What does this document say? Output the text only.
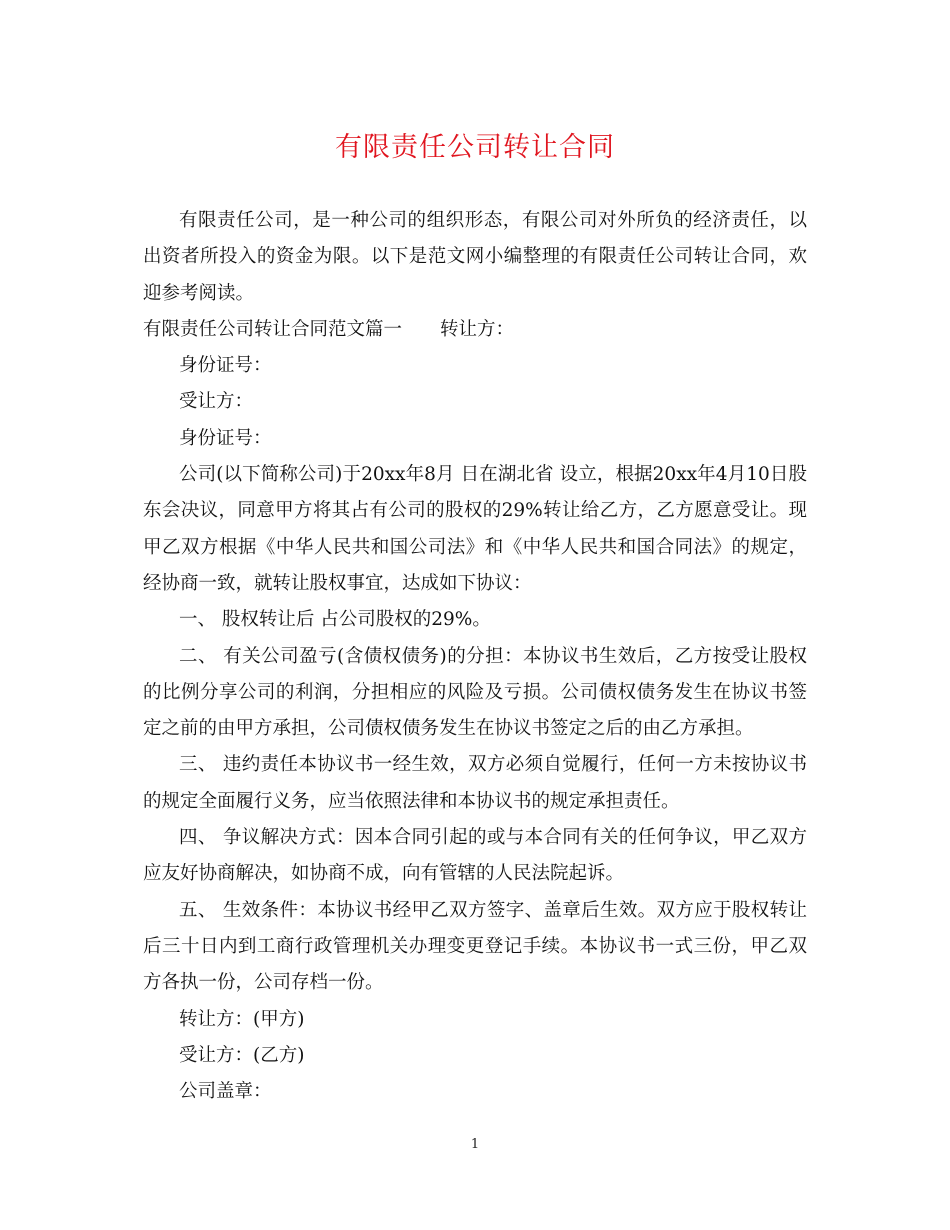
有限责任公司转让合同

有限责任公司，是一种公司的组织形态，有限公司对外所负的经济责任，以出资者所投入的资金为限。以下是范文网小编整理的有限责任公司转让合同，欢迎参考阅读。

有限责任公司转让合同范文篇一 转让方：

身份证号：

受让方：

身份证号：

公司(以下简称公司)于20xx年8月 日在湖北省 设立，根据20xx年4月10日股东会决议，同意甲方将其占有公司的股权的29%转让给乙方，乙方愿意受让。现甲乙双方根据《中华人民共和国公司法》和《中华人民共和国合同法》的规定，经协商一致，就转让股权事宜，达成如下协议：

一、 股权转让后 占公司股权的29%。

二、 有关公司盈亏(含债权债务)的分担：本协议书生效后，乙方按受让股权的比例分享公司的利润，分担相应的风险及亏损。公司债权债务发生在协议书签定之前的由甲方承担，公司债权债务发生在协议书签定之后的由乙方承担。

三、 违约责任本协议书一经生效，双方必须自觉履行，任何一方未按协议书的规定全面履行义务，应当依照法律和本协议书的规定承担责任。

四、 争议解决方式：因本合同引起的或与本合同有关的任何争议，甲乙双方应友好协商解决，如协商不成，向有管辖的人民法院起诉。

五、 生效条件：本协议书经甲乙双方签字、盖章后生效。双方应于股权转让后三十日内到工商行政管理机关办理变更登记手续。本协议书一式三份，甲乙双方各执一份，公司存档一份。

转让方：(甲方)

受让方：(乙方)

公司盖章：

1
